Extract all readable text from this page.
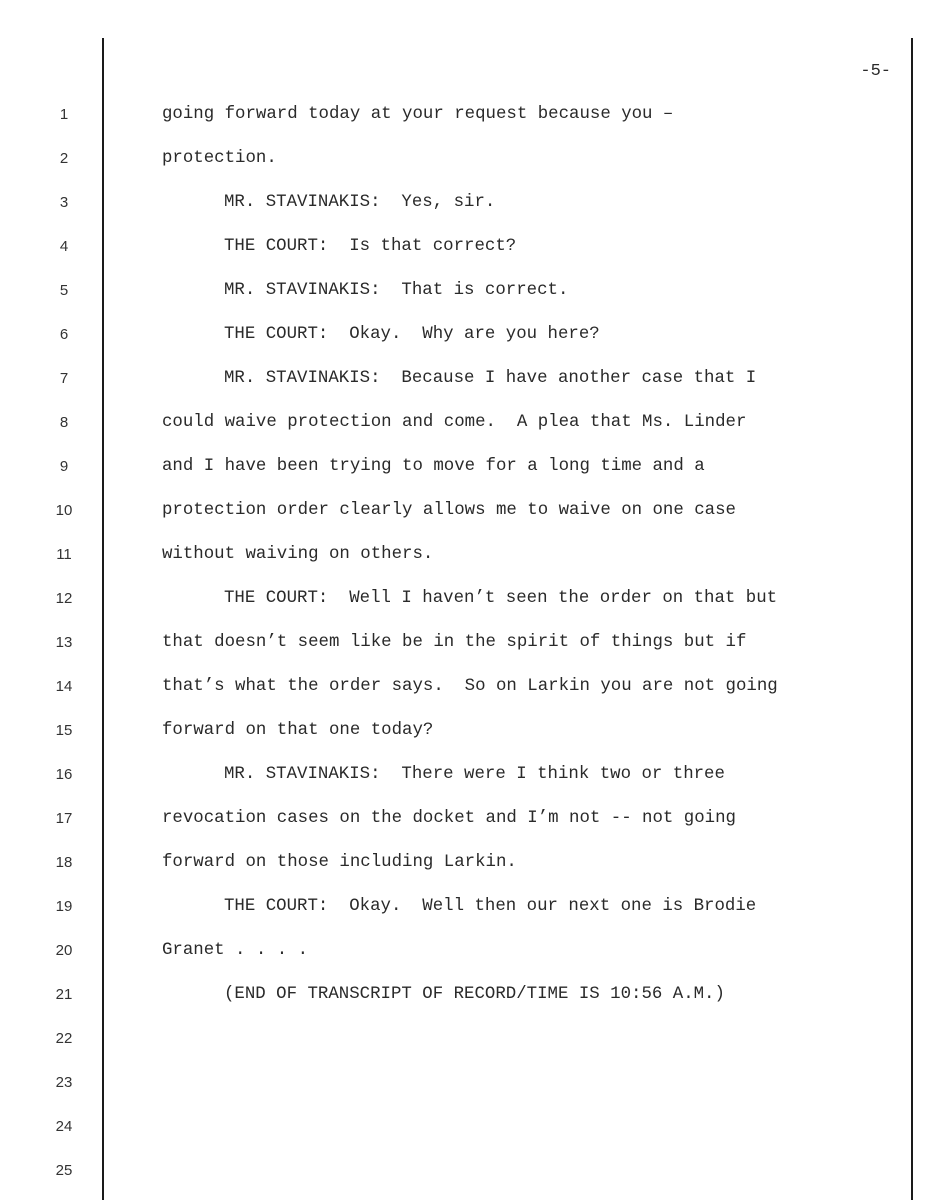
-5-
1
2
3
4
5
6
7
8
9
10
11
12
13
14
15
16
17
18
19
20
21
22
23
24
25
going forward today at your request because you –
protection.
MR. STAVINAKIS:  Yes, sir.
THE COURT:  Is that correct?
MR. STAVINAKIS:  That is correct.
THE COURT:  Okay.  Why are you here?
MR. STAVINAKIS:  Because I have another case that I
could waive protection and come.  A plea that Ms. Linder
and I have been trying to move for a long time and a
protection order clearly allows me to waive on one case
without waiving on others.
THE COURT:  Well I haven’t seen the order on that but
that doesn’t seem like be in the spirit of things but if
that’s what the order says.  So on Larkin you are not going
forward on that one today?
MR. STAVINAKIS:  There were I think two or three
revocation cases on the docket and I’m not -- not going
forward on those including Larkin.
THE COURT:  Okay.  Well then our next one is Brodie
Granet . . . .
(END OF TRANSCRIPT OF RECORD/TIME IS 10:56 A.M.)
